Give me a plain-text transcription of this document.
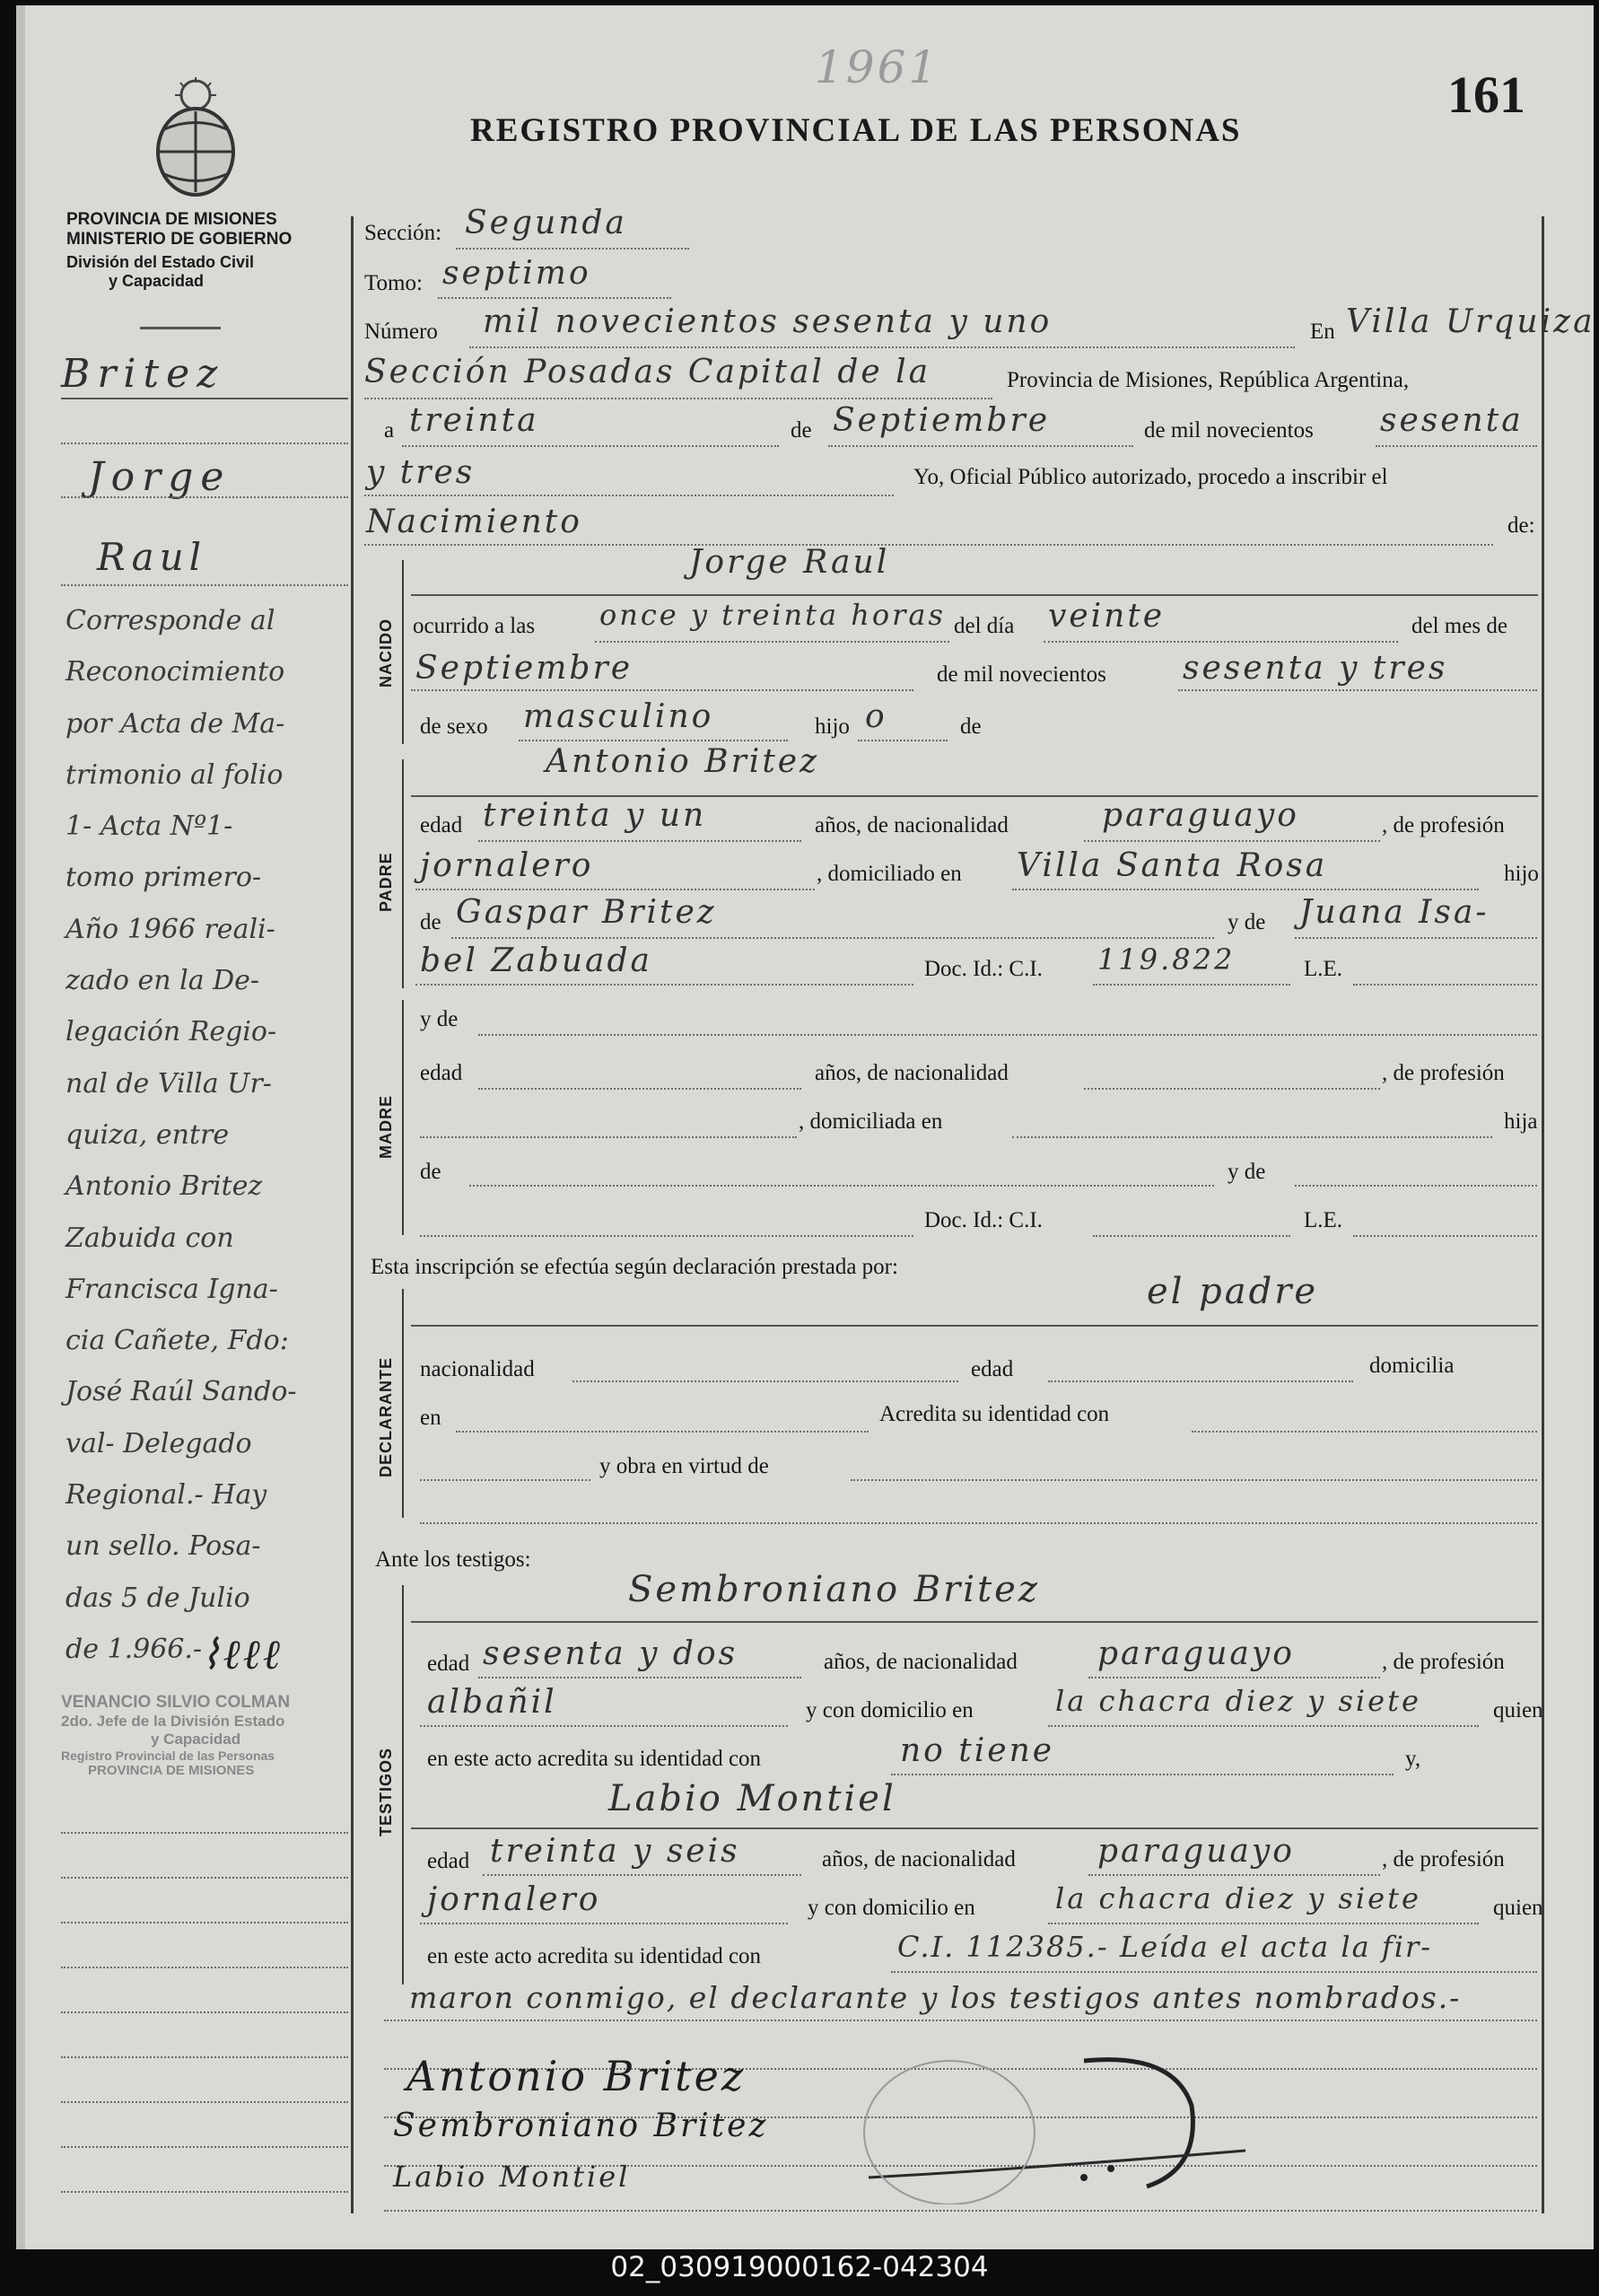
PROVINCIA DE MISIONES
MINISTERIO DE GOBIERNO
División del Estado Civil
y Capacidad
REGISTRO PROVINCIAL DE LAS PERSONAS
161
1961
Britez
Jorge
Raul
Corresponde al
Reconocimiento
por Acta de Ma-
trimonio al folio
1- Acta Nº1-
tomo primero-
Año 1966 reali-
zado en la De-
legación Regio-
nal de Villa Ur-
quiza, entre
Antonio Britez
Zabuida con
Francisca Igna-
cia Cañete, Fdo:
José Raúl Sando-
val- Delegado
Regional.- Hay
un sello. Posa-
das 5 de Julio
de 1.966.-
⌇ℓℓℓ
VENANCIO SILVIO COLMAN
2do. Jefe de la División Estado
y Capacidad
Registro Provincial de las Personas
PROVINCIA DE MISIONES
Sección: Segunda
Tomo: septimo
Número mil novecientos sesenta y uno	En Villa Urquiza
Sección Posadas Capital de la	Provincia de Misiones, República Argentina,
a treinta	de Septiembre	de mil novecientos sesenta
y tres	Yo, Oficial Público autorizado, procedo a inscribir el
Nacimiento	de:
NACIDO
Jorge Raul
ocurrido a las once y treinta horas del día veinte	del mes de
Septiembre	de mil novecientos sesenta y tres
de sexo masculino	hijo o	de
PADRE
Antonio Britez
edad treinta y un	años, de nacionalidad	paraguayo	, de profesión
jornalero	, domiciliado en Villa Santa Rosa	hijo
de Gaspar Britez	y de Juana Isa-
bel Zabuada	Doc. Id.: C.I. 119.822	L.E.
MADRE
y de
edad	años, de nacionalidad	, de profesión
, domiciliada en	hija
de	y de
Doc. Id.: C.I.	L.E.
Esta inscripción se efectúa según declaración prestada por:
DECLARANTE
el padre
nacionalidad	edad	domicilia
en	Acredita su identidad con
y obra en virtud de
Ante los testigos:
TESTIGOS
Sembroniano Britez
edad sesenta y dos	años, de nacionalidad paraguayo	, de profesión
albañil	y con domicilio en	la chacra diez y siete	quien
en este acto acredita su identidad con	no tiene	y,
Labio Montiel
edad treinta y seis	años, de nacionalidad	paraguayo	, de profesión
jornalero	y con domicilio en	la chacra diez y siete	quien
en este acto acredita su identidad con	C.I. 112385.- Leída el acta la fir-
maron conmigo, el declarante y los testigos antes nombrados.-
Antonio Britez
Sembroniano Britez
Labio Montiel
02_030919000162-042304
